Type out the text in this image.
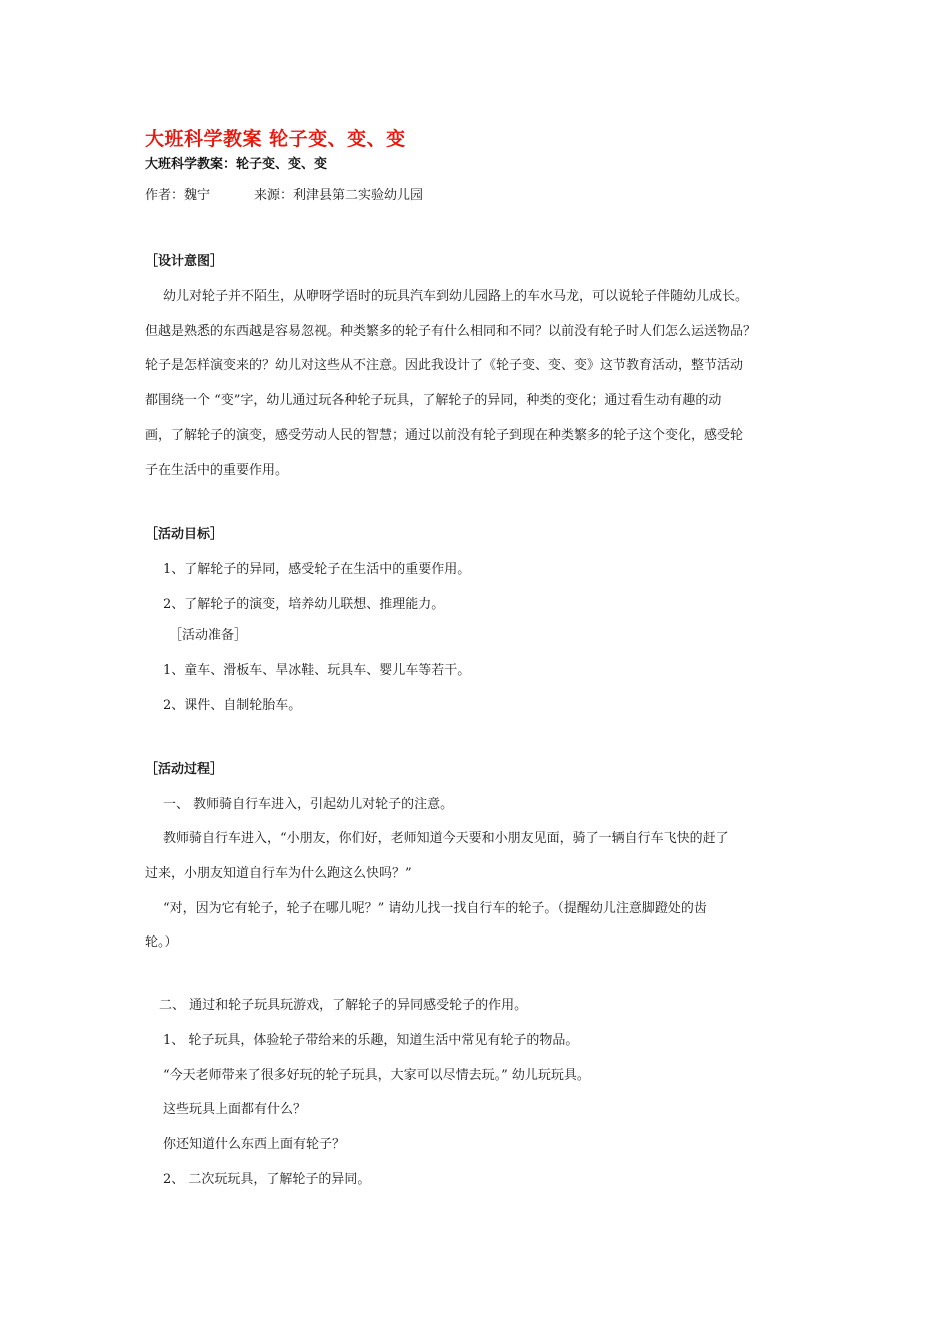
大班科学教案 轮子变、变、变
大班科学教案：轮子变、变、变
作者：魏宁	来源：利津县第二实验幼儿园
［设计意图］
幼儿对轮子并不陌生，从咿呀学语时的玩具汽车到幼儿园路上的车水马龙，可以说轮子伴随幼儿成长。
但越是熟悉的东西越是容易忽视。种类繁多的轮子有什么相同和不同？以前没有轮子时人们怎么运送物品？
轮子是怎样演变来的？幼儿对这些从不注意。因此我设计了《轮子变、变、变》这节教育活动，整节活动
都围绕一个 “变”字，幼儿通过玩各种轮子玩具，了解轮子的异同，种类的变化；通过看生动有趣的动
画，了解轮子的演变，感受劳动人民的智慧；通过以前没有轮子到现在种类繁多的轮子这个变化，感受轮
子在生活中的重要作用。
［活动目标］
1、了解轮子的异同，感受轮子在生活中的重要作用。
2、了解轮子的演变，培养幼儿联想、推理能力。
［活动准备］
1、童车、滑板车、旱冰鞋、玩具车、婴儿车等若干。
2、课件、自制轮胎车。
［活动过程］
一、 教师骑自行车进入，引起幼儿对轮子的注意。
教师骑自行车进入，“小朋友，你们好，老师知道今天要和小朋友见面，骑了一辆自行车飞快的赶了
过来，小朋友知道自行车为什么跑这么快吗？”
“对，因为它有轮子，轮子在哪儿呢？” 请幼儿找一找自行车的轮子。（提醒幼儿注意脚蹬处的齿
轮。）
二、 通过和轮子玩具玩游戏，了解轮子的异同感受轮子的作用。
1、 轮子玩具，体验轮子带给来的乐趣，知道生活中常见有轮子的物品。
“今天老师带来了很多好玩的轮子玩具，大家可以尽情去玩。” 幼儿玩玩具。
这些玩具上面都有什么？
你还知道什么东西上面有轮子？
2、 二次玩玩具，了解轮子的异同。
